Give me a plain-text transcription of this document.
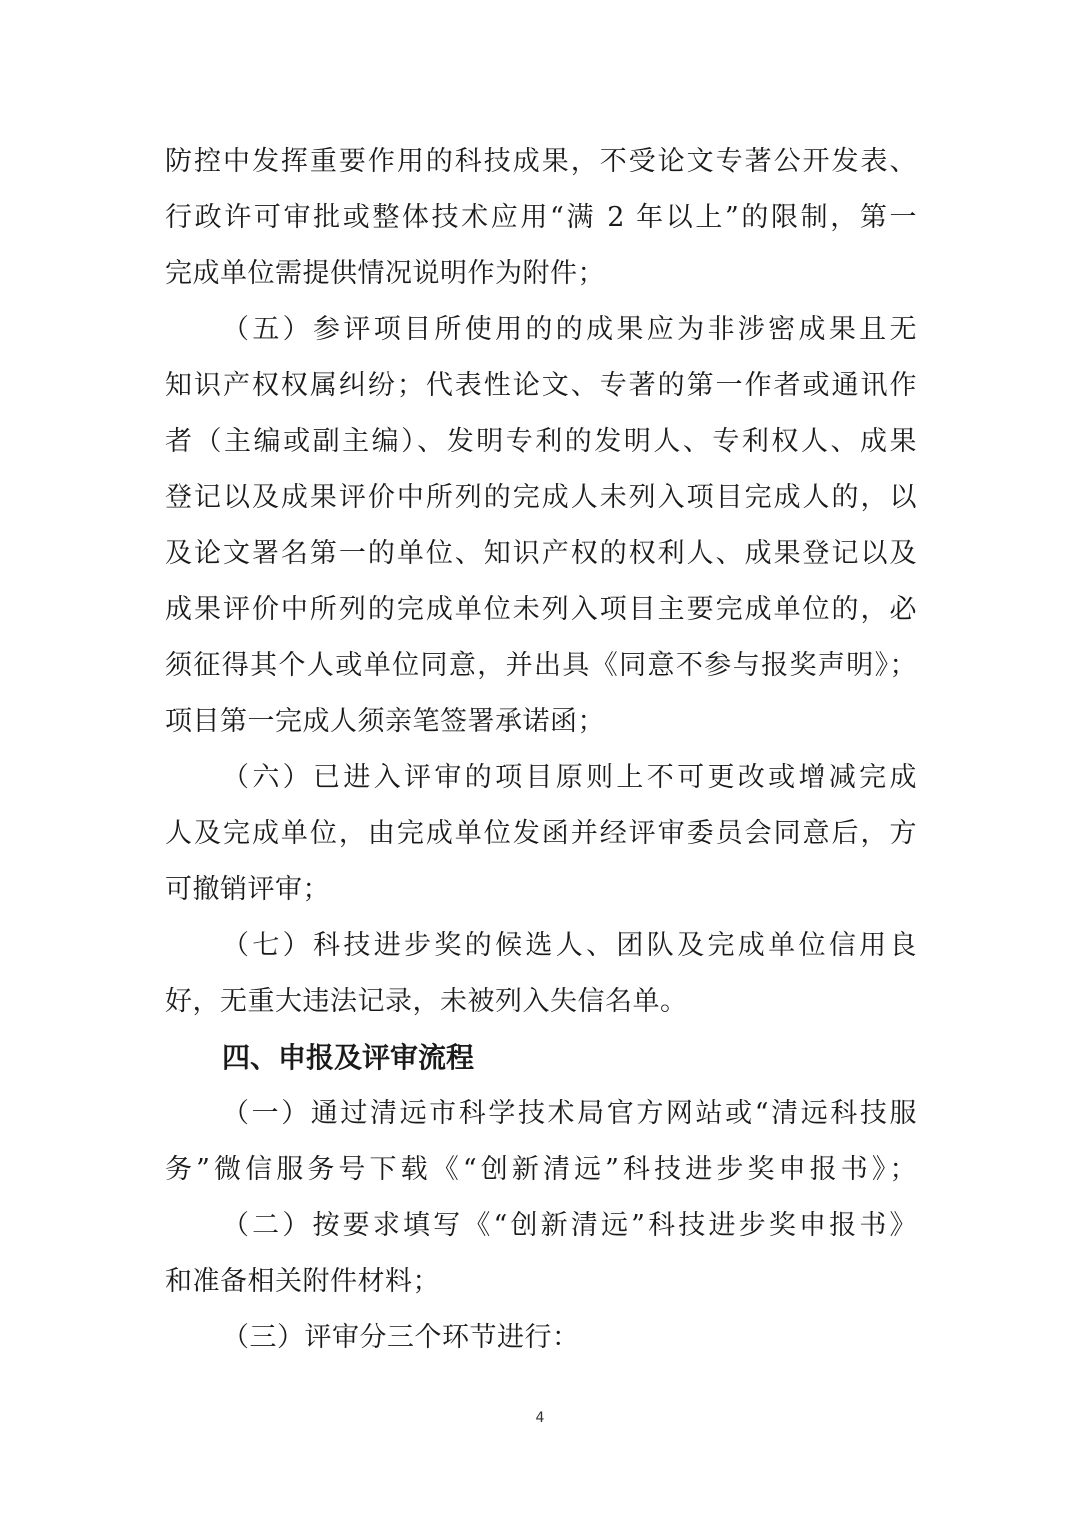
防控中发挥重要作用的科技成果，不受论文专著公开发表、
行政许可审批或整体技术应用“满 2 年以上”的限制，第一
完成单位需提供情况说明作为附件；
（五）参评项目所使用的的成果应为非涉密成果且无
知识产权权属纠纷；代表性论文、专著的第一作者或通讯作
者（主编或副主编）、发明专利的发明人、专利权人、成果
登记以及成果评价中所列的完成人未列入项目完成人的，以
及论文署名第一的单位、知识产权的权利人、成果登记以及
成果评价中所列的完成单位未列入项目主要完成单位的，必
须征得其个人或单位同意，并出具《同意不参与报奖声明》；
项目第一完成人须亲笔签署承诺函；
（六）已进入评审的项目原则上不可更改或增减完成
人及完成单位，由完成单位发函并经评审委员会同意后，方
可撤销评审；
（七）科技进步奖的候选人、团队及完成单位信用良
好，无重大违法记录，未被列入失信名单。
四、申报及评审流程
（一）通过清远市科学技术局官方网站或“清远科技服
务”微信服务号下载《“创新清远”科技进步奖申报书》；
（二）按要求填写《“创新清远”科技进步奖申报书》
和准备相关附件材料；
（三）评审分三个环节进行：
4
